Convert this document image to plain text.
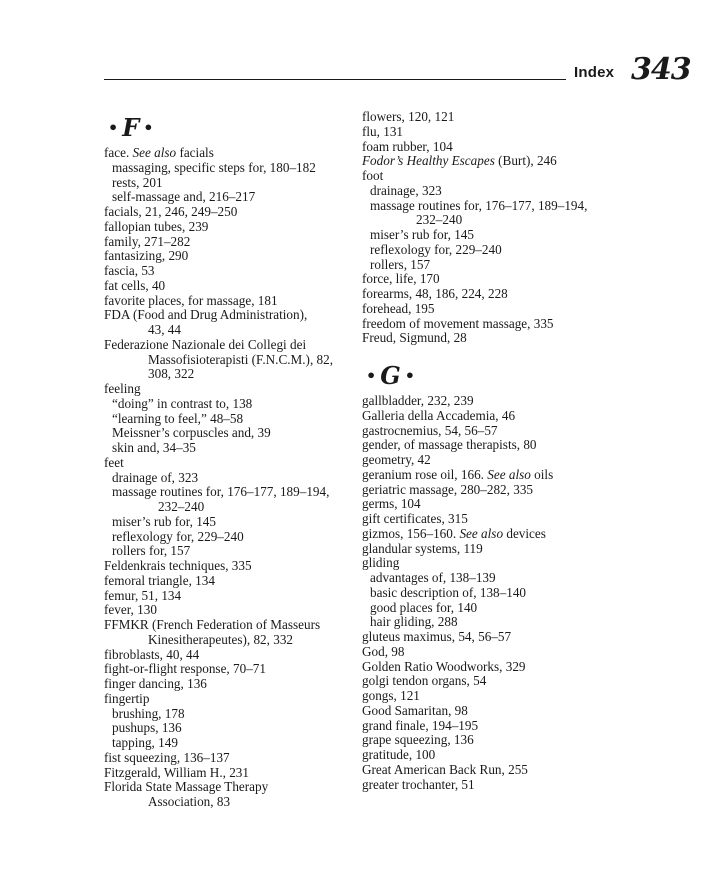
Index 343
• F •
face. See also facials
massaging, specific steps for, 180–182
rests, 201
self-massage and, 216–217
facials, 21, 246, 249–250
fallopian tubes, 239
family, 271–282
fantasizing, 290
fascia, 53
fat cells, 40
favorite places, for massage, 181
FDA (Food and Drug Administration),
43, 44
Federazione Nazionale dei Collegi dei
Massofisioterapisti (F.N.C.M.), 82,
308, 322
feeling
“doing” in contrast to, 138
“learning to feel,” 48–58
Meissner’s corpuscles and, 39
skin and, 34–35
feet
drainage of, 323
massage routines for, 176–177, 189–194,
232–240
miser’s rub for, 145
reflexology for, 229–240
rollers for, 157
Feldenkrais techniques, 335
femoral triangle, 134
femur, 51, 134
fever, 130
FFMKR (French Federation of Masseurs
Kinesitherapeutes), 82, 332
fibroblasts, 40, 44
fight-or-flight response, 70–71
finger dancing, 136
fingertip
brushing, 178
pushups, 136
tapping, 149
fist squeezing, 136–137
Fitzgerald, William H., 231
Florida State Massage Therapy
Association, 83
flowers, 120, 121
flu, 131
foam rubber, 104
Fodor’s Healthy Escapes (Burt), 246
foot
drainage, 323
massage routines for, 176–177, 189–194,
232–240
miser’s rub for, 145
reflexology for, 229–240
rollers, 157
force, life, 170
forearms, 48, 186, 224, 228
forehead, 195
freedom of movement massage, 335
Freud, Sigmund, 28
• G •
gallbladder, 232, 239
Galleria della Accademia, 46
gastrocnemius, 54, 56–57
gender, of massage therapists, 80
geometry, 42
geranium rose oil, 166. See also oils
geriatric massage, 280–282, 335
germs, 104
gift certificates, 315
gizmos, 156–160. See also devices
glandular systems, 119
gliding
advantages of, 138–139
basic description of, 138–140
good places for, 140
hair gliding, 288
gluteus maximus, 54, 56–57
God, 98
Golden Ratio Woodworks, 329
golgi tendon organs, 54
gongs, 121
Good Samaritan, 98
grand finale, 194–195
grape squeezing, 136
gratitude, 100
Great American Back Run, 255
greater trochanter, 51
